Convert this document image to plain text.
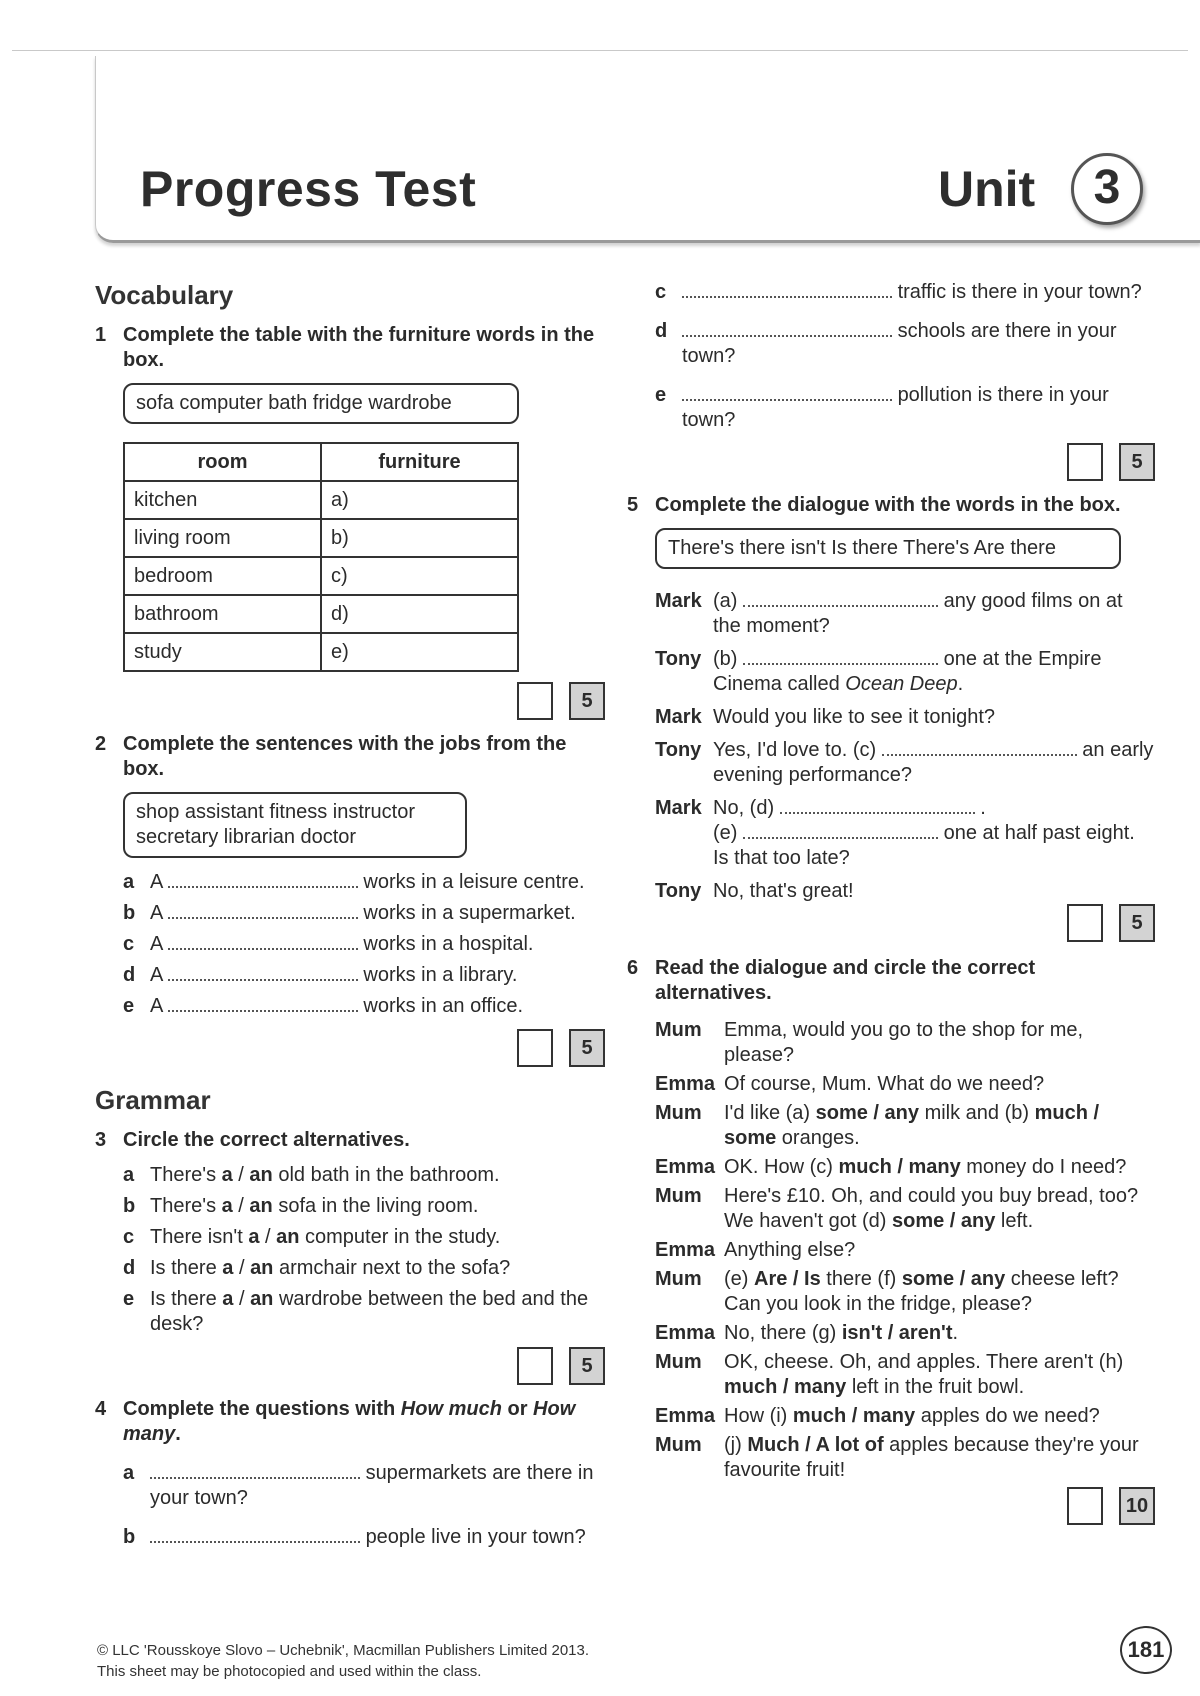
Progress Test	Unit	3
Vocabulary
1 Complete the table with the furniture words in the box.
sofa computer bath fridge wardrobe
room	furniture
kitchen	a)
living room	b)
bedroom	c)
bathroom	d)
study	e)
5
2 Complete the sentences with the jobs from the box.
shop assistant fitness instructor
secretary librarian doctor
a A	works in a leisure centre.
b A	works in a supermarket.
c A	works in a hospital.
d A	works in a library.
e A	works in an office.
5
Grammar
3 Circle the correct alternatives.
a There's a / an old bath in the bathroom.
b There's a / an sofa in the living room.
c There isn't a / an computer in the study.
d Is there a / an armchair next to the sofa?
e Is there a / an wardrobe between the bed and the desk?
5
4 Complete the questions with How much or How many.
a	supermarkets are there in your town?
b	people live in your town?
c	traffic is there in your town?
d	schools are there in your town?
e	pollution is there in your town?
5
5 Complete the dialogue with the words in the box.
There's there isn't Is there There's Are there
Mark (a)	any good films on at the moment?
Tony (b)	one at the Empire Cinema called Ocean Deep.
Mark Would you like to see it tonight?
Tony Yes, I'd love to. (c)	an early evening performance?
Mark No, (d)	.
(e)	one at half past eight. Is that too late?
Tony No, that's great!
5
6 Read the dialogue and circle the correct alternatives.
Mum	Emma, would you go to the shop for me, please?
Emma Of course, Mum. What do we need?
Mum	I'd like (a) some / any milk and (b) much / some oranges.
Emma OK. How (c) much / many money do I need?
Mum	Here's £10. Oh, and could you buy bread, too? We haven't got (d) some / any left.
Emma Anything else?
Mum	(e) Are / Is there (f) some / any cheese left? Can you look in the fridge, please?
Emma No, there (g) isn't / aren't.
Mum	OK, cheese. Oh, and apples. There aren't (h) much / many left in the fruit bowl.
Emma How (i) much / many apples do we need?
Mum	(j) Much / A lot of apples because they're your favourite fruit!
10
© LLC 'Rousskoye Slovo – Uchebnik', Macmillan Publishers Limited 2013.
This sheet may be photocopied and used within the class.
181
